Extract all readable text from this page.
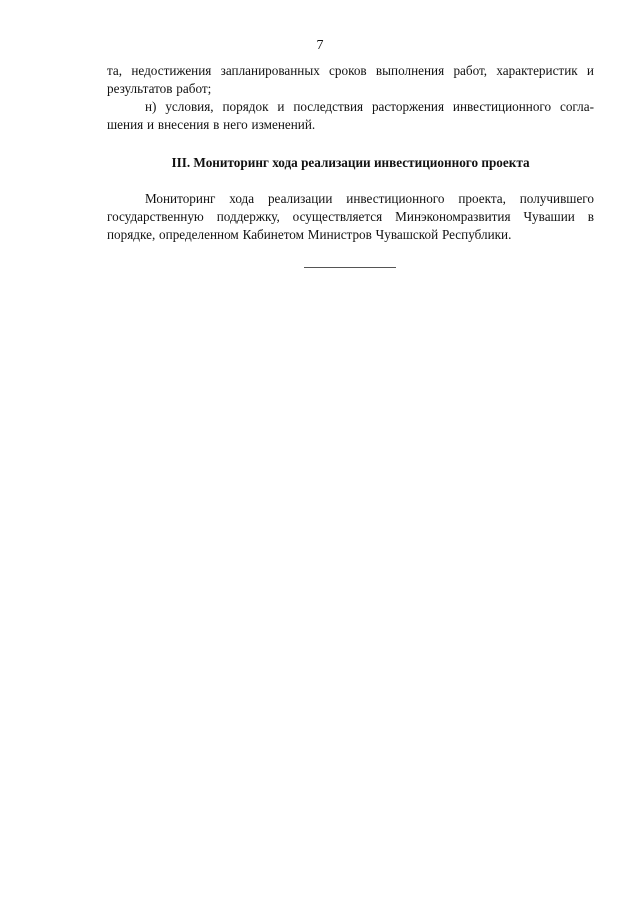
7

та, недостижения запланированных сроков выполнения работ, характеристик и результатов работ;

н) условия, порядок и последствия расторжения инвестиционного согла-шения и внесения в него изменений.

III. Мониторинг хода реализации инвестиционного проекта

Мониторинг хода реализации инвестиционного проекта, получившего государственную поддержку, осуществляется Минэкономразвития Чувашии в порядке, определенном Кабинетом Министров Чувашской Республики.
